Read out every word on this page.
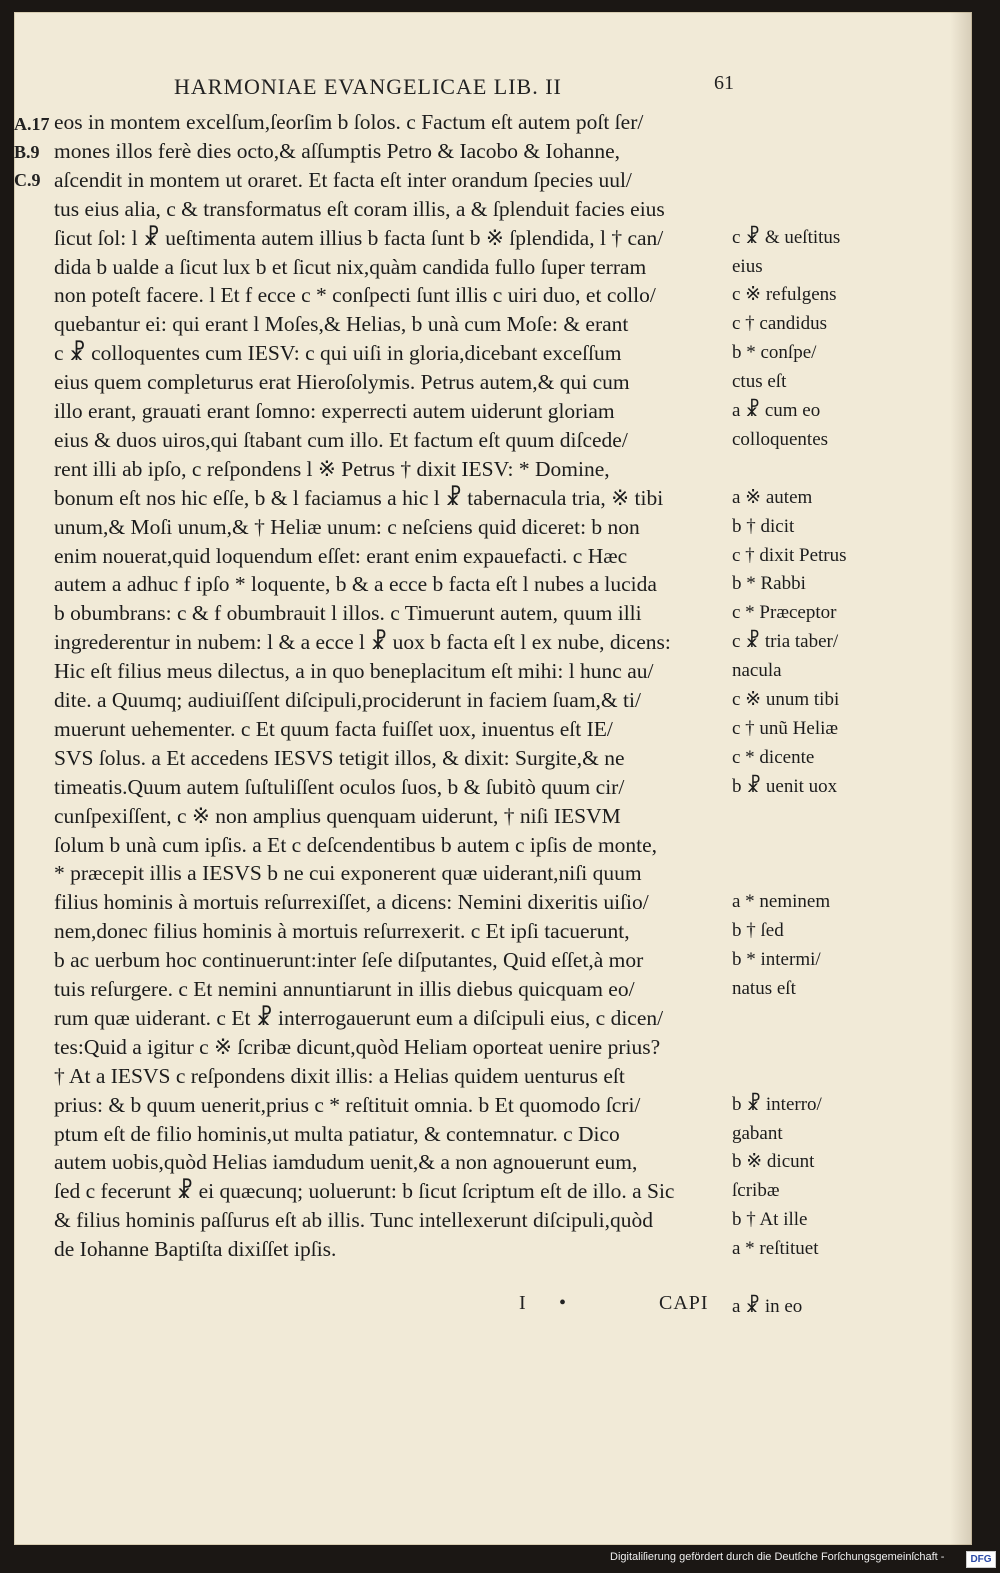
HARMONIAE EVANGELICAE LIB. II	61
A.17
B.9
C.9
eos in montem excelſum,ſeorſim b ſolos. c Factum eſt autem poſt ſer/
mones illos ferè dies octo,& aſſumptis Petro & Iacobo & Iohanne,
aſcendit in montem ut oraret. Et facta eſt inter orandum ſpecies uul/
tus eius alia, c & transformatus eſt coram illis, a & ſplenduit facies eius
ſicut ſol: l ☧ ueſtimenta autem illius b facta ſunt b ※ ſplendida, l † can/
dida b ualde a ſicut lux b et ſicut nix,quàm candida fullo ſuper terram
non poteſt facere. l Et f ecce c * conſpecti ſunt illis c uiri duo, et collo/
quebantur ei: qui erant l Moſes,& Helias, b unà cum Moſe: & erant
c ☧ colloquentes cum IESV: c qui uiſi in gloria,dicebant exceſſum
eius quem completurus erat Hieroſolymis. Petrus autem,& qui cum
illo erant, grauati erant ſomno: experrecti autem uiderunt gloriam
eius & duos uiros,qui ſtabant cum illo. Et factum eſt quum diſcede/
rent illi ab ipſo, c reſpondens l ※ Petrus † dixit IESV: * Domine,
bonum eſt nos hic eſſe, b & l faciamus a hic l ☧ tabernacula tria, ※ tibi
unum,& Moſi unum,& † Heliæ unum: c neſciens quid diceret: b non
enim nouerat,quid loquendum eſſet: erant enim expauefacti. c Hæc
autem a adhuc f ipſo * loquente, b & a ecce b facta eſt l nubes a lucida
b obumbrans: c & f obumbrauit l illos. c Timuerunt autem, quum illi
ingrederentur in nubem: l & a ecce l ☧ uox b facta eſt l ex nube, dicens:
Hic eſt filius meus dilectus, a in quo beneplacitum eſt mihi: l hunc au/
dite. a Quumq; audiuiſſent diſcipuli,prociderunt in faciem ſuam,& ti/
muerunt uehementer. c Et quum facta fuiſſet uox, inuentus eſt IE/
SVS ſolus. a Et accedens IESVS tetigit illos, & dixit: Surgite,& ne
timeatis.Quum autem ſuſtuliſſent oculos ſuos, b & ſubitò quum cir/
cunſpexiſſent, c ※ non amplius quenquam uiderunt, † niſi IESVM
ſolum b unà cum ipſis. a Et c deſcendentibus b autem c ipſis de monte,
* præcepit illis a IESVS b ne cui exponerent quæ uiderant,niſi quum
filius hominis à mortuis reſurrexiſſet, a dicens: Nemini dixeritis uiſio/
nem,donec filius hominis à mortuis reſurrexerit. c Et ipſi tacuerunt,
b ac uerbum hoc continuerunt:inter ſeſe diſputantes, Quid eſſet,à mor
tuis reſurgere. c Et nemini annuntiarunt in illis diebus quicquam eo/
rum quæ uiderant. c Et ☧ interrogauerunt eum a diſcipuli eius, c dicen/
tes:Quid a igitur c ※ ſcribæ dicunt,quòd Heliam oporteat uenire prius?
† At a IESVS c reſpondens dixit illis: a Helias quidem uenturus eſt
prius: & b quum uenerit,prius c * reſtituit omnia. b Et quomodo ſcri/
ptum eſt de filio hominis,ut multa patiatur, & contemnatur. c Dico
autem uobis,quòd Helias iamdudum uenit,& a non agnouerunt eum,
ſed c fecerunt ☧ ei quæcunq; uoluerunt: b ſicut ſcriptum eſt de illo. a Sic
& filius hominis paſſurus eſt ab illis. Tunc intellexerunt diſcipuli,quòd
de Iohanne Baptiſta dixiſſet ipſis.
c ☧ & ueſtitus
eius
c ※ refulgens
c † candidus
b * conſpe/
ctus eſt
a ☧ cum eo
colloquentes
a ※ autem
b † dicit
c † dixit Petrus
b * Rabbi
c * Præceptor
c ☧ tria taber/
nacula
c ※ unum tibi
c † unũ Heliæ
c * dicente
b ☧ uenit uox
a * neminem
b † ſed
b * intermi/
natus eſt
b ☧ interro/
gabant
b ※ dicunt
ſcribæ
b † At ille
a * reſtituet
a ☧ in eo
I •	CAPI
Digitaliſierung gefördert durch die Deutſche Forſchungsgemeinſchaft -	DFG
